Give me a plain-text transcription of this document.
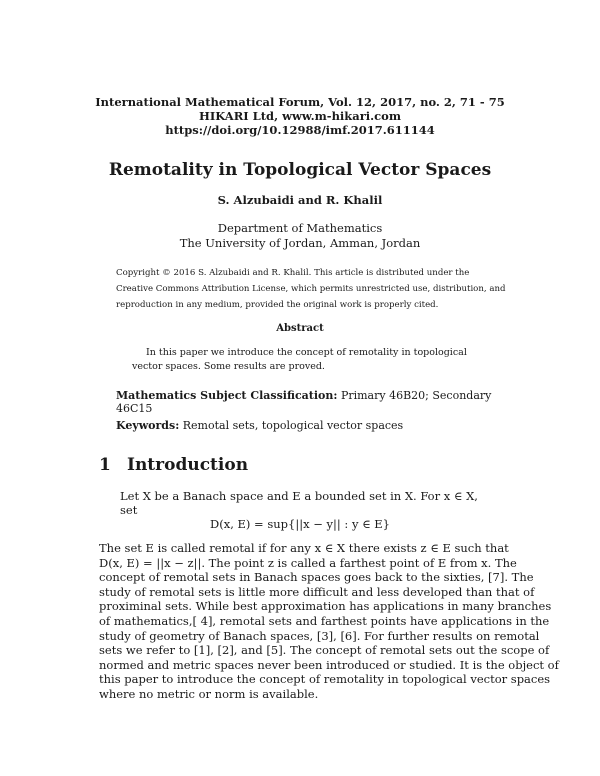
International Mathematical Forum, Vol. 12, 2017, no. 2, 71 - 75
HIKARI Ltd, www.m-hikari.com
https://doi.org/10.12988/imf.2017.611144
Remotality in Topological Vector Spaces
S. Alzubaidi and R. Khalil
Department of Mathematics
The University of Jordan, Amman, Jordan
Copyright © 2016 S. Alzubaidi and R. Khalil. This article is distributed under the
Creative Commons Attribution License, which permits unrestricted use, distribution, and
reproduction in any medium, provided the original work is properly cited.
Abstract
In this paper we introduce the concept of remotality in topological
vector spaces. Some results are proved.
Mathematics Subject Classification: Primary 46B20; Secondary 46C15
Keywords: Remotal sets, topological vector spaces
1 Introduction
Let X be a Banach space and E a bounded set in X. For x ∈ X, set
D(x, E) = sup{||x − y|| : y ∈ E}
The set E is called remotal if for any x ∈ X there exists z ∈ E such that
D(x, E) = ||x − z||. The point z is called a farthest point of E from x. The
concept of remotal sets in Banach spaces goes back to the sixties, [7]. The
study of remotal sets is little more difficult and less developed than that of
proximinal sets. While best approximation has applications in many branches
of mathematics,[ 4], remotal sets and farthest points have applications in the
study of geometry of Banach spaces, [3], [6]. For further results on remotal
sets we refer to [1], [2], and [5]. The concept of remotal sets out the scope of
normed and metric spaces never been introduced or studied. It is the object of
this paper to introduce the concept of remotality in topological vector spaces
where no metric or norm is available.
